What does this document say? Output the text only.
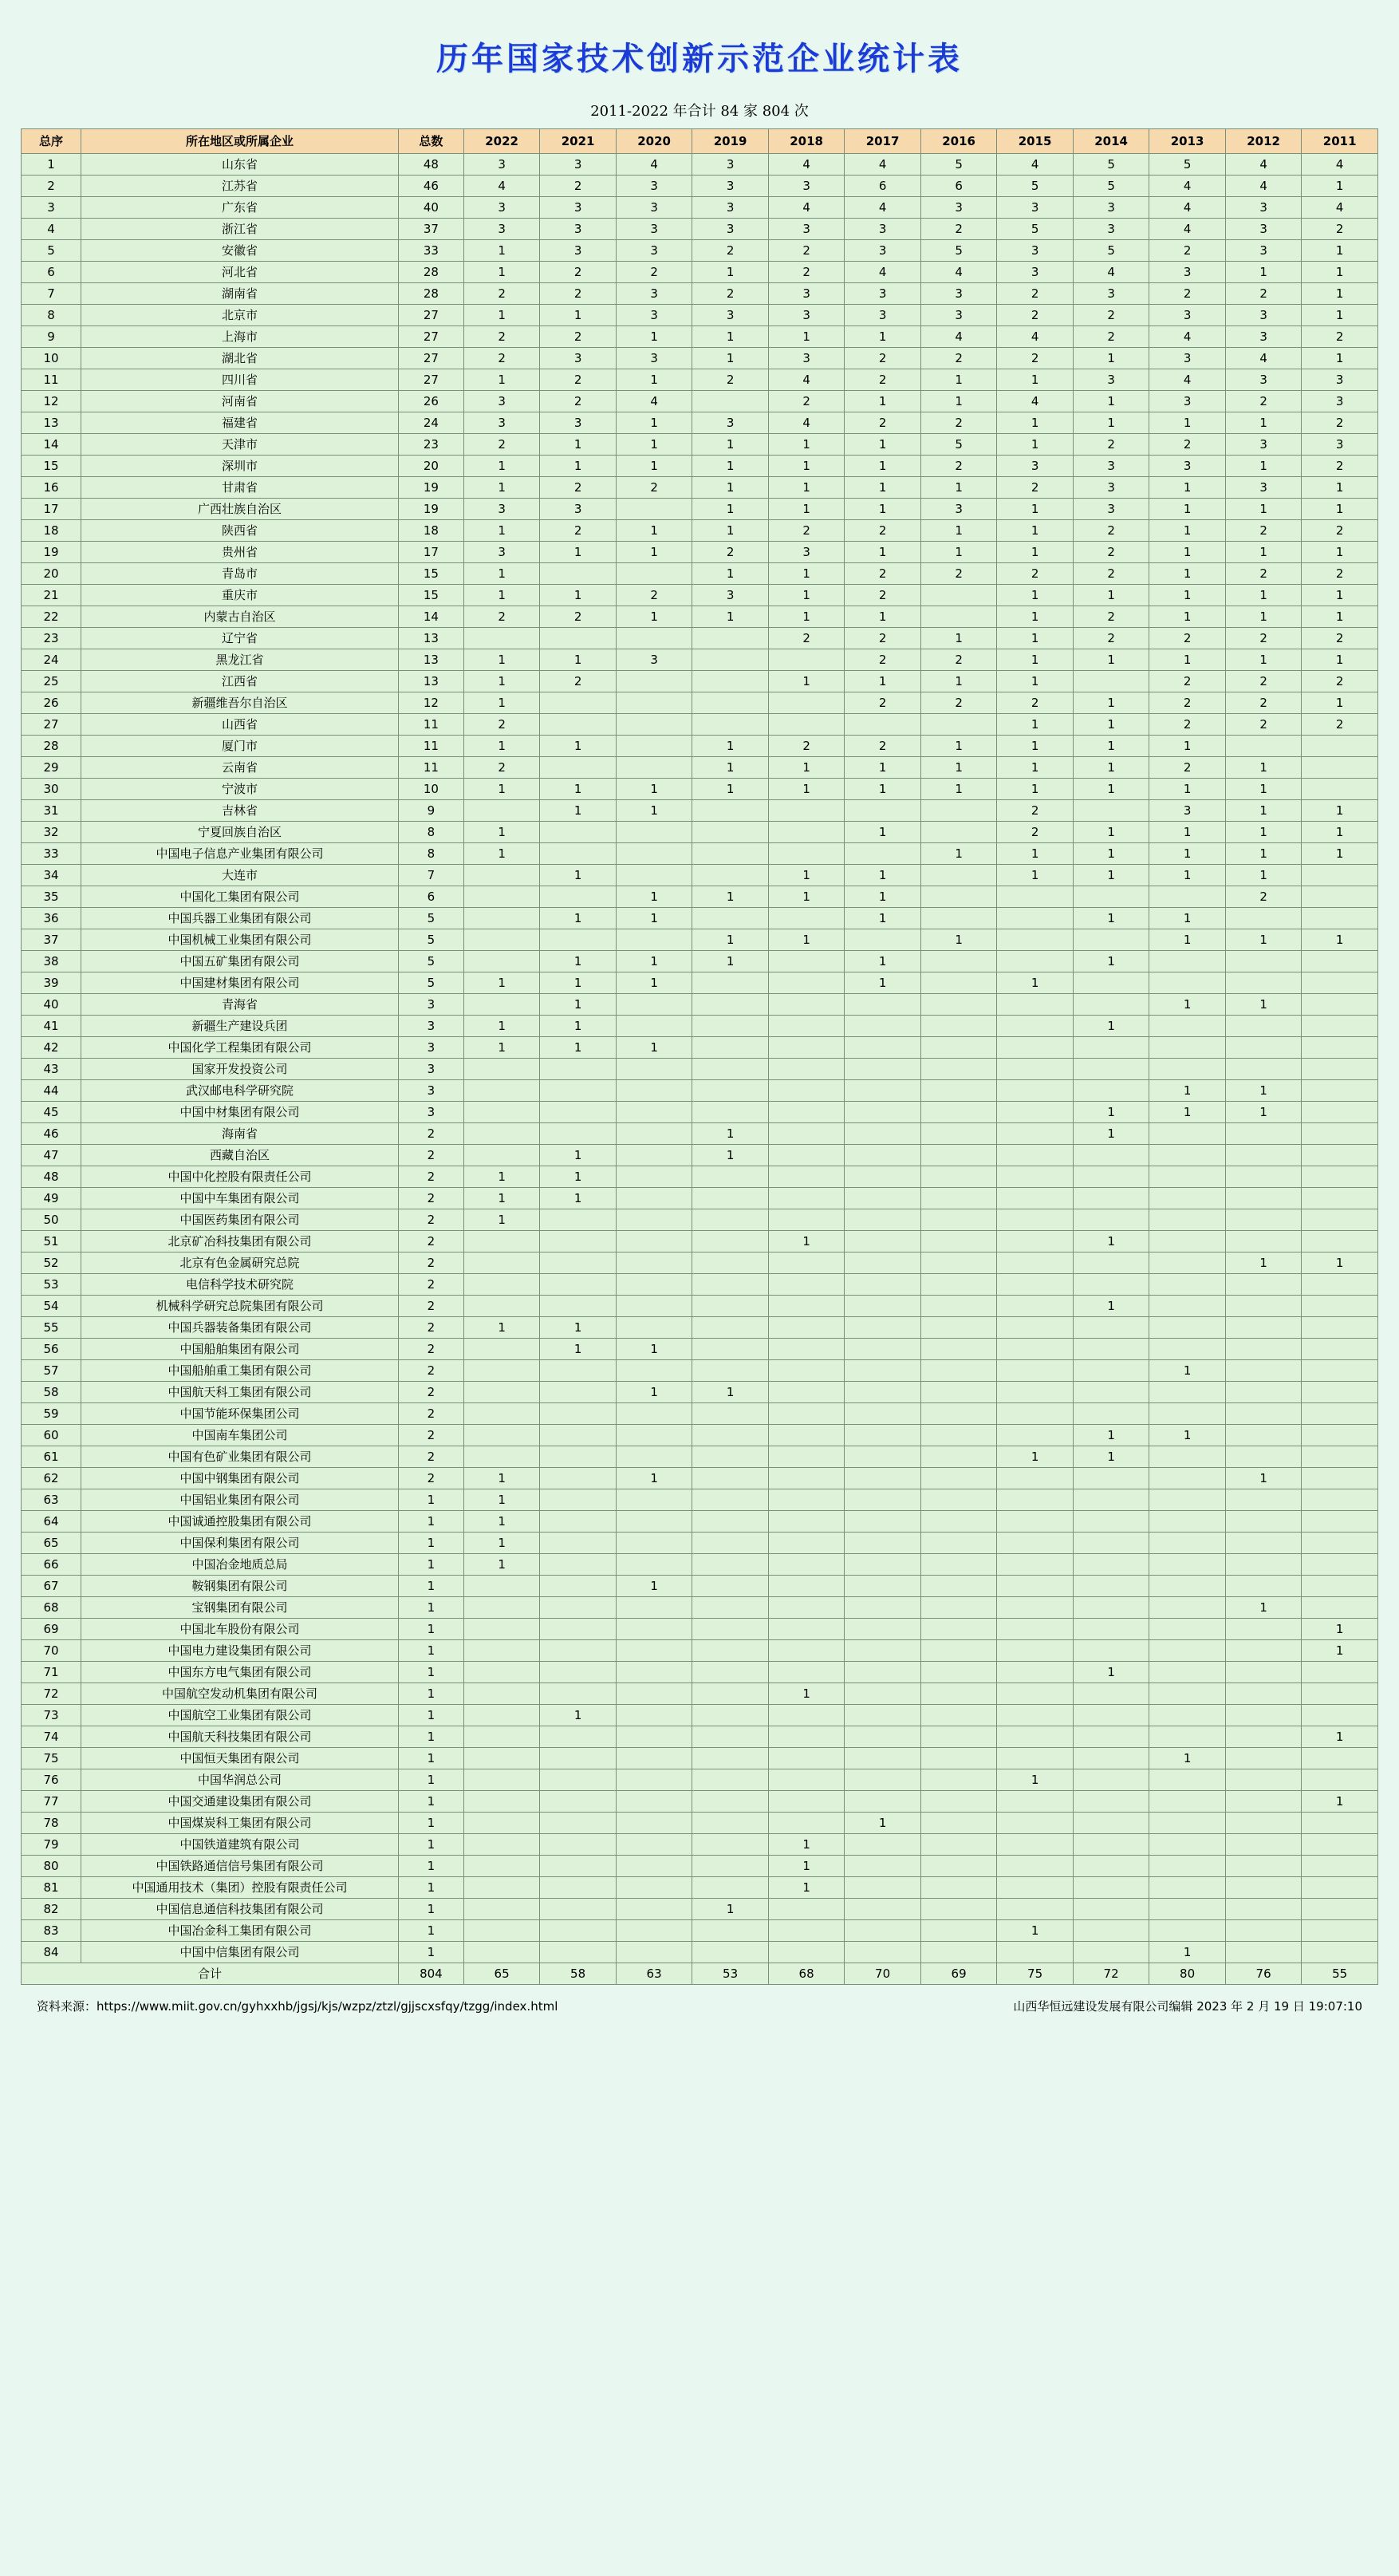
历年国家技术创新示范企业统计表
2011-2022 年合计 84 家 804 次
总序	所在地区或所属企业	总数	2022	2021	2020	2019	2018	2017	2016	2015	2014	2013	2012	2011
1	山东省	48	3	3	4	3	4	4	5	4	5	5	4	4
2	江苏省	46	4	2	3	3	3	6	6	5	5	4	4	1
3	广东省	40	3	3	3	3	4	4	3	3	3	4	3	4
4	浙江省	37	3	3	3	3	3	3	2	5	3	4	3	2
5	安徽省	33	1	3	3	2	2	3	5	3	5	2	3	1
6	河北省	28	1	2	2	1	2	4	4	3	4	3	1	1
7	湖南省	28	2	2	3	2	3	3	3	2	3	2	2	1
8	北京市	27	1	1	3	3	3	3	3	2	2	3	3	1
9	上海市	27	2	2	1	1	1	1	4	4	2	4	3	2
10	湖北省	27	2	3	3	1	3	2	2	2	1	3	4	1
11	四川省	27	1	2	1	2	4	2	1	1	3	4	3	3
12	河南省	26	3	2	4		2	1	1	4	1	3	2	3
13	福建省	24	3	3	1	3	4	2	2	1	1	1	1	2
14	天津市	23	2	1	1	1	1	1	5	1	2	2	3	3
15	深圳市	20	1	1	1	1	1	1	2	3	3	3	1	2
16	甘肃省	19	1	2	2	1	1	1	1	2	3	1	3	1
17	广西壮族自治区	19	3	3		1	1	1	3	1	3	1	1	1
18	陕西省	18	1	2	1	1	2	2	1	1	2	1	2	2
19	贵州省	17	3	1	1	2	3	1	1	1	2	1	1	1
20	青岛市	15	1			1	1	2	2	2	2	1	2	2
21	重庆市	15	1	1	2	3	1	2		1	1	1	1	1
22	内蒙古自治区	14	2	2	1	1	1	1		1	2	1	1	1
23	辽宁省	13					2	2	1	1	2	2	2	2
24	黑龙江省	13	1	1	3			2	2	1	1	1	1	1
25	江西省	13	1	2			1	1	1	1		2	2	2
26	新疆维吾尔自治区	12	1					2	2	2	1	2	2	1
27	山西省	11	2							1	1	2	2	2
28	厦门市	11	1	1		1	2	2	1	1	1	1		
29	云南省	11	2			1	1	1	1	1	1	2	1	
30	宁波市	10	1	1	1	1	1	1	1	1	1	1	1	
31	吉林省	9		1	1					2		3	1	1
32	宁夏回族自治区	8	1					1		2	1	1	1	1
33	中国电子信息产业集团有限公司	8	1						1	1	1	1	1	1
34	大连市	7		1			1	1		1	1	1	1	
35	中国化工集团有限公司	6			1	1	1	1					2	
36	中国兵器工业集团有限公司	5		1	1			1			1	1		
37	中国机械工业集团有限公司	5				1	1		1			1	1	1
38	中国五矿集团有限公司	5		1	1	1		1			1			
39	中国建材集团有限公司	5	1	1	1			1		1				
40	青海省	3		1								1	1	
41	新疆生产建设兵团	3	1	1							1			
42	中国化学工程集团有限公司	3	1	1	1									
43	国家开发投资公司	3												
44	武汉邮电科学研究院	3										1	1	
45	中国中材集团有限公司	3									1	1	1	
46	海南省	2				1					1			
47	西藏自治区	2		1		1								
48	中国中化控股有限责任公司	2	1	1										
49	中国中车集团有限公司	2	1	1										
50	中国医药集团有限公司	2	1											
51	北京矿冶科技集团有限公司	2					1				1			
52	北京有色金属研究总院	2											1	1
53	电信科学技术研究院	2												
54	机械科学研究总院集团有限公司	2									1			
55	中国兵器装备集团有限公司	2	1	1										
56	中国船舶集团有限公司	2		1	1									
57	中国船舶重工集团有限公司	2										1		
58	中国航天科工集团有限公司	2			1	1								
59	中国节能环保集团公司	2												
60	中国南车集团公司	2									1	1		
61	中国有色矿业集团有限公司	2								1	1			
62	中国中钢集团有限公司	2	1		1								1	
63	中国铝业集团有限公司	1	1											
64	中国诚通控股集团有限公司	1	1											
65	中国保利集团有限公司	1	1											
66	中国冶金地质总局	1	1											
67	鞍钢集团有限公司	1			1									
68	宝钢集团有限公司	1											1	
69	中国北车股份有限公司	1												1
70	中国电力建设集团有限公司	1												1
71	中国东方电气集团有限公司	1									1			
72	中国航空发动机集团有限公司	1					1							
73	中国航空工业集团有限公司	1		1										
74	中国航天科技集团有限公司	1												1
75	中国恒天集团有限公司	1										1		
76	中国华润总公司	1								1				
77	中国交通建设集团有限公司	1												1
78	中国煤炭科工集团有限公司	1						1						
79	中国铁道建筑有限公司	1					1							
80	中国铁路通信信号集团有限公司	1					1							
81	中国通用技术（集团）控股有限责任公司	1					1							
82	中国信息通信科技集团有限公司	1				1								
83	中国冶金科工集团有限公司	1								1				
84	中国中信集团有限公司	1										1		
合计		804	65	58	63	53	68	70	69	75	72	80	76	55
资料来源：https://www.miit.gov.cn/gyhxxhb/jgsj/kjs/wzpz/ztzl/gjjscxsfqy/tzgg/index.html	山西华恒远建设发展有限公司编辑 2023 年 2 月 19 日 19:07:10
